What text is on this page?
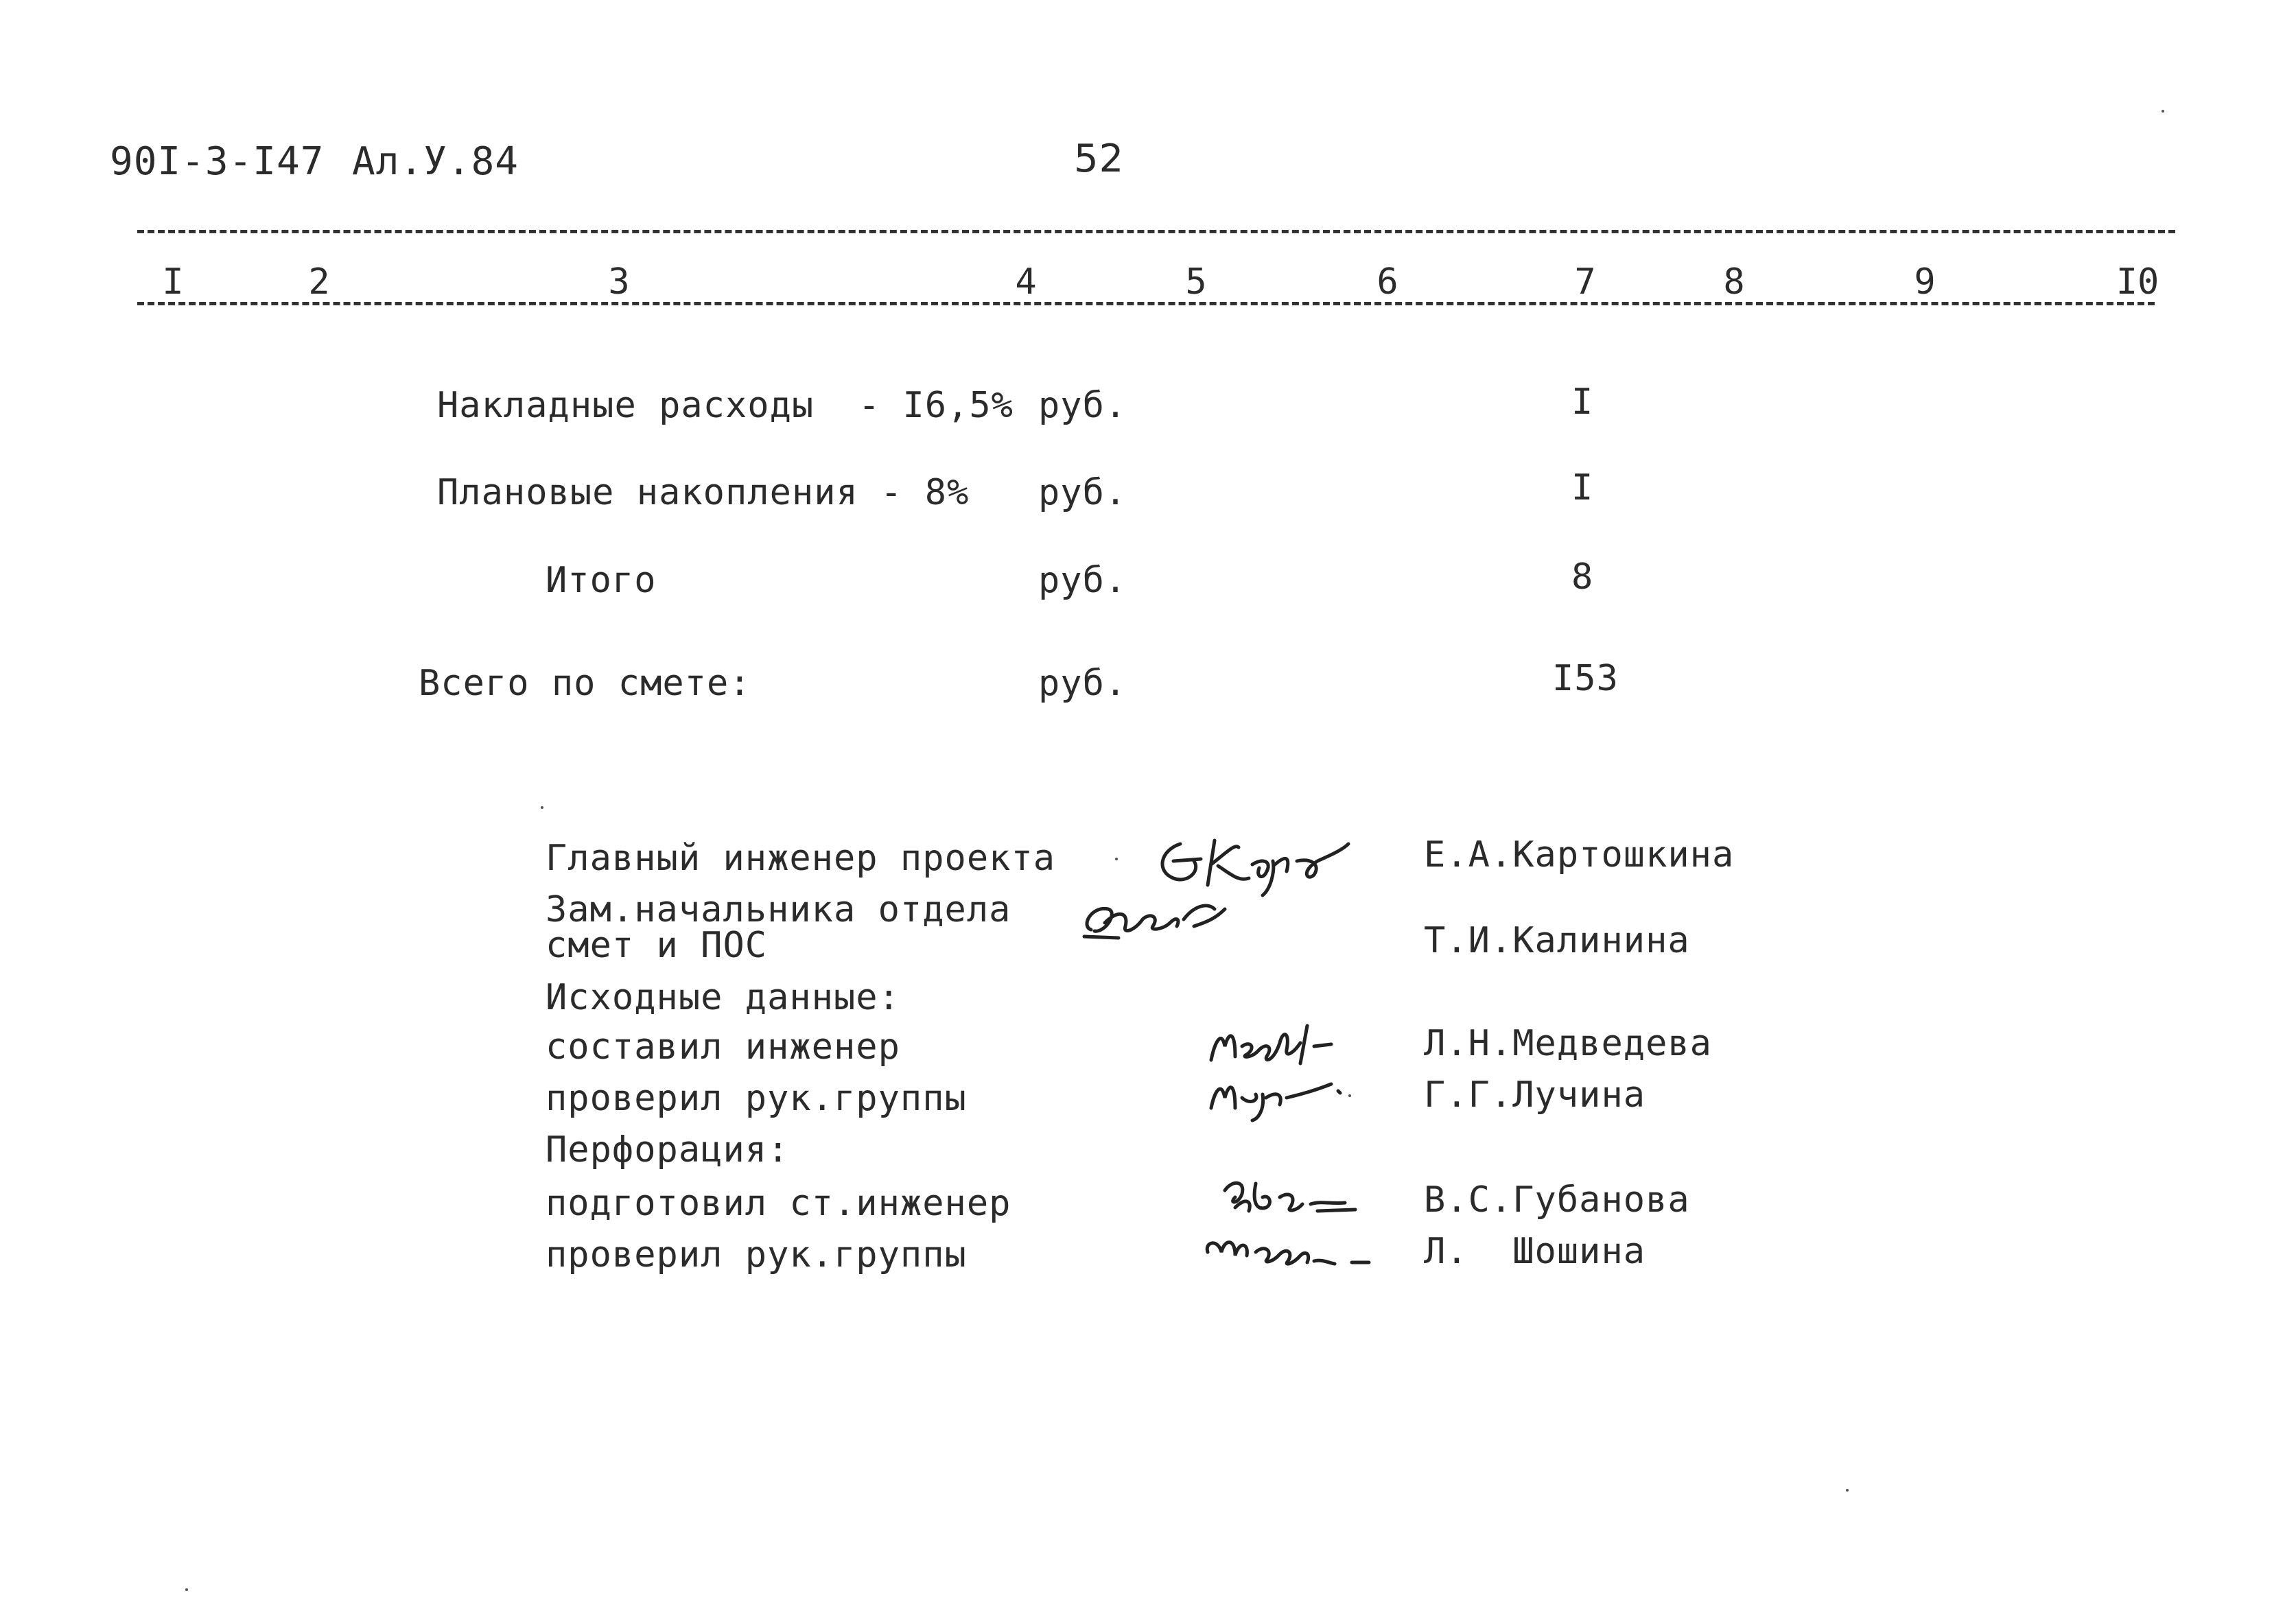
90I-3-I47 Ал.У.84	52
I	2	3	4	5	6	7	8	9	I0
Накладные расходы  - I6,5% руб.	I
Плановые накопления - 8% руб.	I
Итого	руб.	8
Всего по смете:	руб.	I53
Главный инженер проекта	Е.А.Картошкина
Зам.начальника отдела
смет и ПОС	Т.И.Калинина
Исходные данные:
составил инженер	Л.Н.Медведева
проверил рук.группы	Г.Г.Лучина
Перфорация:
подготовил ст.инженер	В.С.Губанова
проверил рук.группы	Л.  Шошина
